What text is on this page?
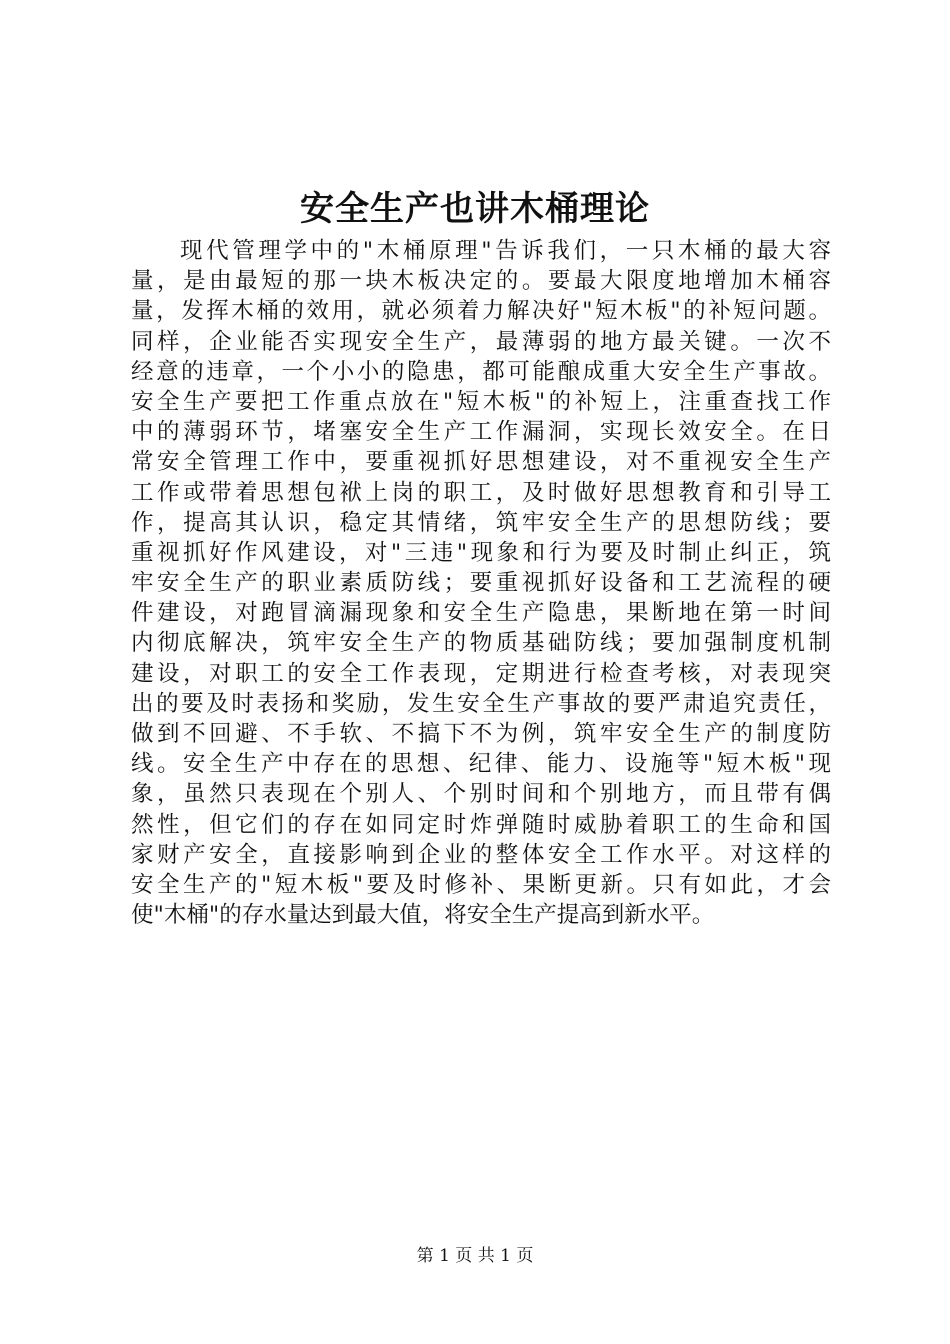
安全生产也讲木桶理论
现代管理学中的"木桶原理"告诉我们，一只木桶的最大容
量，是由最短的那一块木板决定的。要最大限度地增加木桶容
量，发挥木桶的效用，就必须着力解决好"短木板"的补短问题。
同样，企业能否实现安全生产，最薄弱的地方最关键。一次不
经意的违章，一个小小的隐患，都可能酿成重大安全生产事故。
安全生产要把工作重点放在"短木板"的补短上，注重查找工作
中的薄弱环节，堵塞安全生产工作漏洞，实现长效安全。在日
常安全管理工作中，要重视抓好思想建设，对不重视安全生产
工作或带着思想包袱上岗的职工，及时做好思想教育和引导工
作，提高其认识，稳定其情绪，筑牢安全生产的思想防线；要
重视抓好作风建设，对"三违"现象和行为要及时制止纠正，筑
牢安全生产的职业素质防线；要重视抓好设备和工艺流程的硬
件建设，对跑冒滴漏现象和安全生产隐患，果断地在第一时间
内彻底解决，筑牢安全生产的物质基础防线；要加强制度机制
建设，对职工的安全工作表现，定期进行检查考核，对表现突
出的要及时表扬和奖励，发生安全生产事故的要严肃追究责任，
做到不回避、不手软、不搞下不为例，筑牢安全生产的制度防
线。安全生产中存在的思想、纪律、能力、设施等"短木板"现
象，虽然只表现在个别人、个别时间和个别地方，而且带有偶
然性，但它们的存在如同定时炸弹随时威胁着职工的生命和国
家财产安全，直接影响到企业的整体安全工作水平。对这样的
安全生产的"短木板"要及时修补、果断更新。只有如此，才会
使"木桶"的存水量达到最大值，将安全生产提高到新水平。
第 1 页 共 1 页
